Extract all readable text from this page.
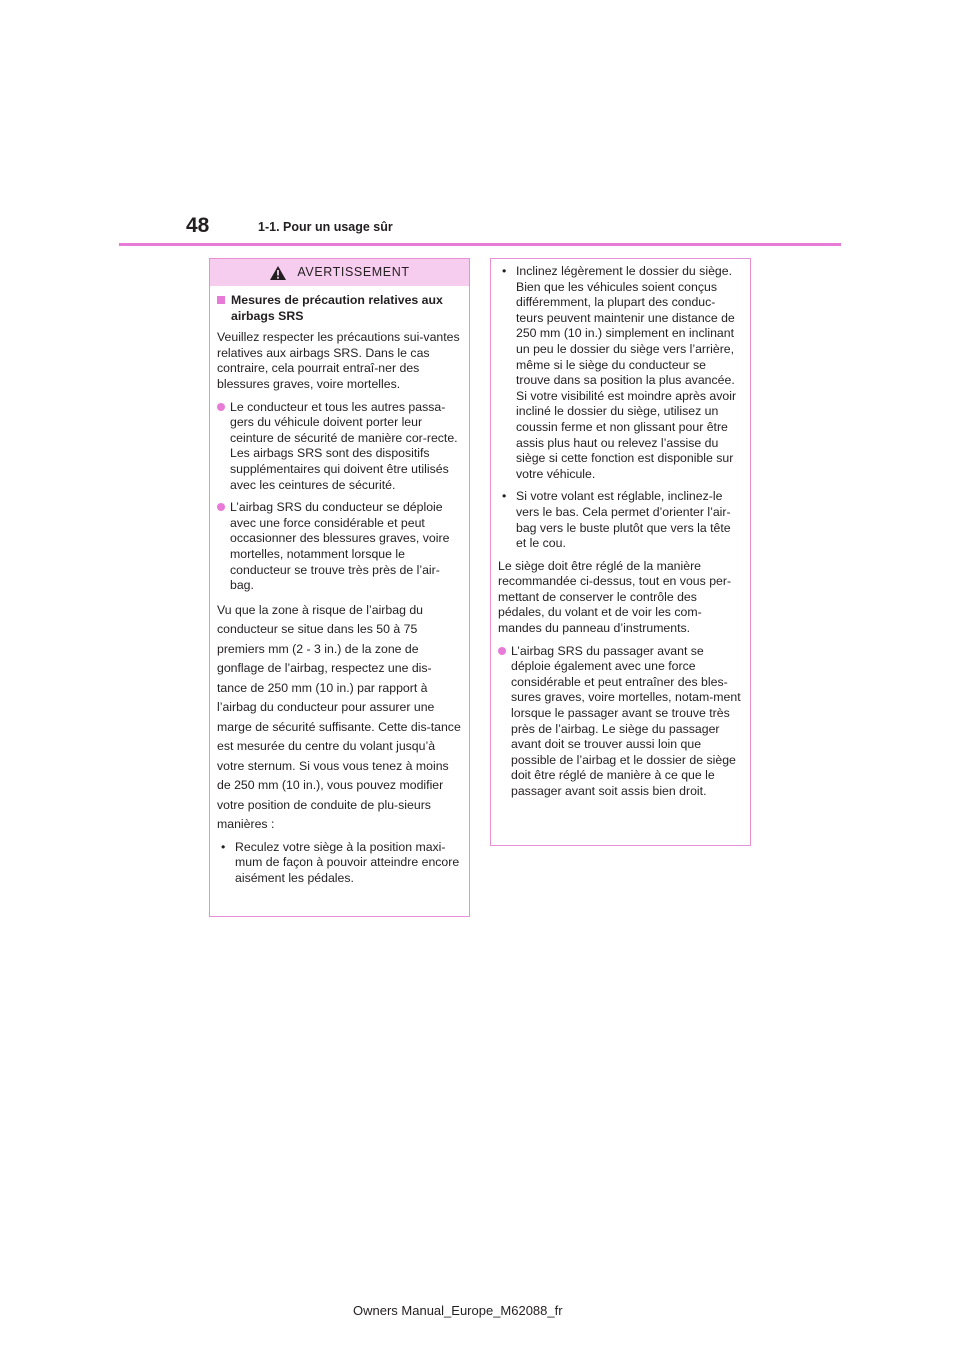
48	1-1. Pour un usage sûr
AVERTISSEMENT
Mesures de précaution relatives aux airbags SRS

Veuillez respecter les précautions sui-vantes relatives aux airbags SRS. Dans le cas contraire, cela pourrait entraî-ner des blessures graves, voire mortelles.

Le conducteur et tous les autres passa-gers du véhicule doivent porter leur ceinture de sécurité de manière cor-recte. Les airbags SRS sont des dispositifs supplémentaires qui doivent être utilisés avec les ceintures de sécurité.
L’airbag SRS du conducteur se déploie avec une force considérable et peut occasionner des blessures graves, voire mortelles, notamment lorsque le conducteur se trouve très près de l’air-bag.

Vu que la zone à risque de l’airbag du conducteur se situe dans les 50 à 75 premiers mm (2 - 3 in.) de la zone de gonflage de l’airbag, respectez une dis-tance de 250 mm (10 in.) par rapport à l’airbag du conducteur pour assurer une marge de sécurité suffisante. Cette dis-tance est mesurée du centre du volant jusqu’à votre sternum. Si vous vous tenez à moins de 250 mm (10 in.), vous pouvez modifier votre position de conduite de plu-sieurs manières :

• Reculez votre siège à la position maxi-mum de façon à pouvoir atteindre encore aisément les pédales.
• Inclinez légèrement le dossier du siège. Bien que les véhicules soient conçus différemment, la plupart des conduc-teurs peuvent maintenir une distance de 250 mm (10 in.) simplement en inclinant un peu le dossier du siège vers l’arrière, même si le siège du conducteur se trouve dans sa position la plus avancée. Si votre visibilité est moindre après avoir incliné le dossier du siège, utilisez un coussin ferme et non glissant pour être assis plus haut ou relevez l’assise du siège si cette fonction est disponible sur votre véhicule.
• Si votre volant est réglable, inclinez-le vers le bas. Cela permet d’orienter l’air-bag vers le buste plutôt que vers la tête et le cou.

Le siège doit être réglé de la manière recommandée ci-dessus, tout en vous per-mettant de conserver le contrôle des pédales, du volant et de voir les com-mandes du panneau d’instruments.

L’airbag SRS du passager avant se déploie également avec une force considérable et peut entraîner des bles-sures graves, voire mortelles, notam-ment lorsque le passager avant se trouve très près de l’airbag. Le siège du passager avant doit se trouver aussi loin que possible de l’airbag et le dossier de siège doit être réglé de manière à ce que le passager avant soit assis bien droit.
Owners Manual_Europe_M62088_fr
